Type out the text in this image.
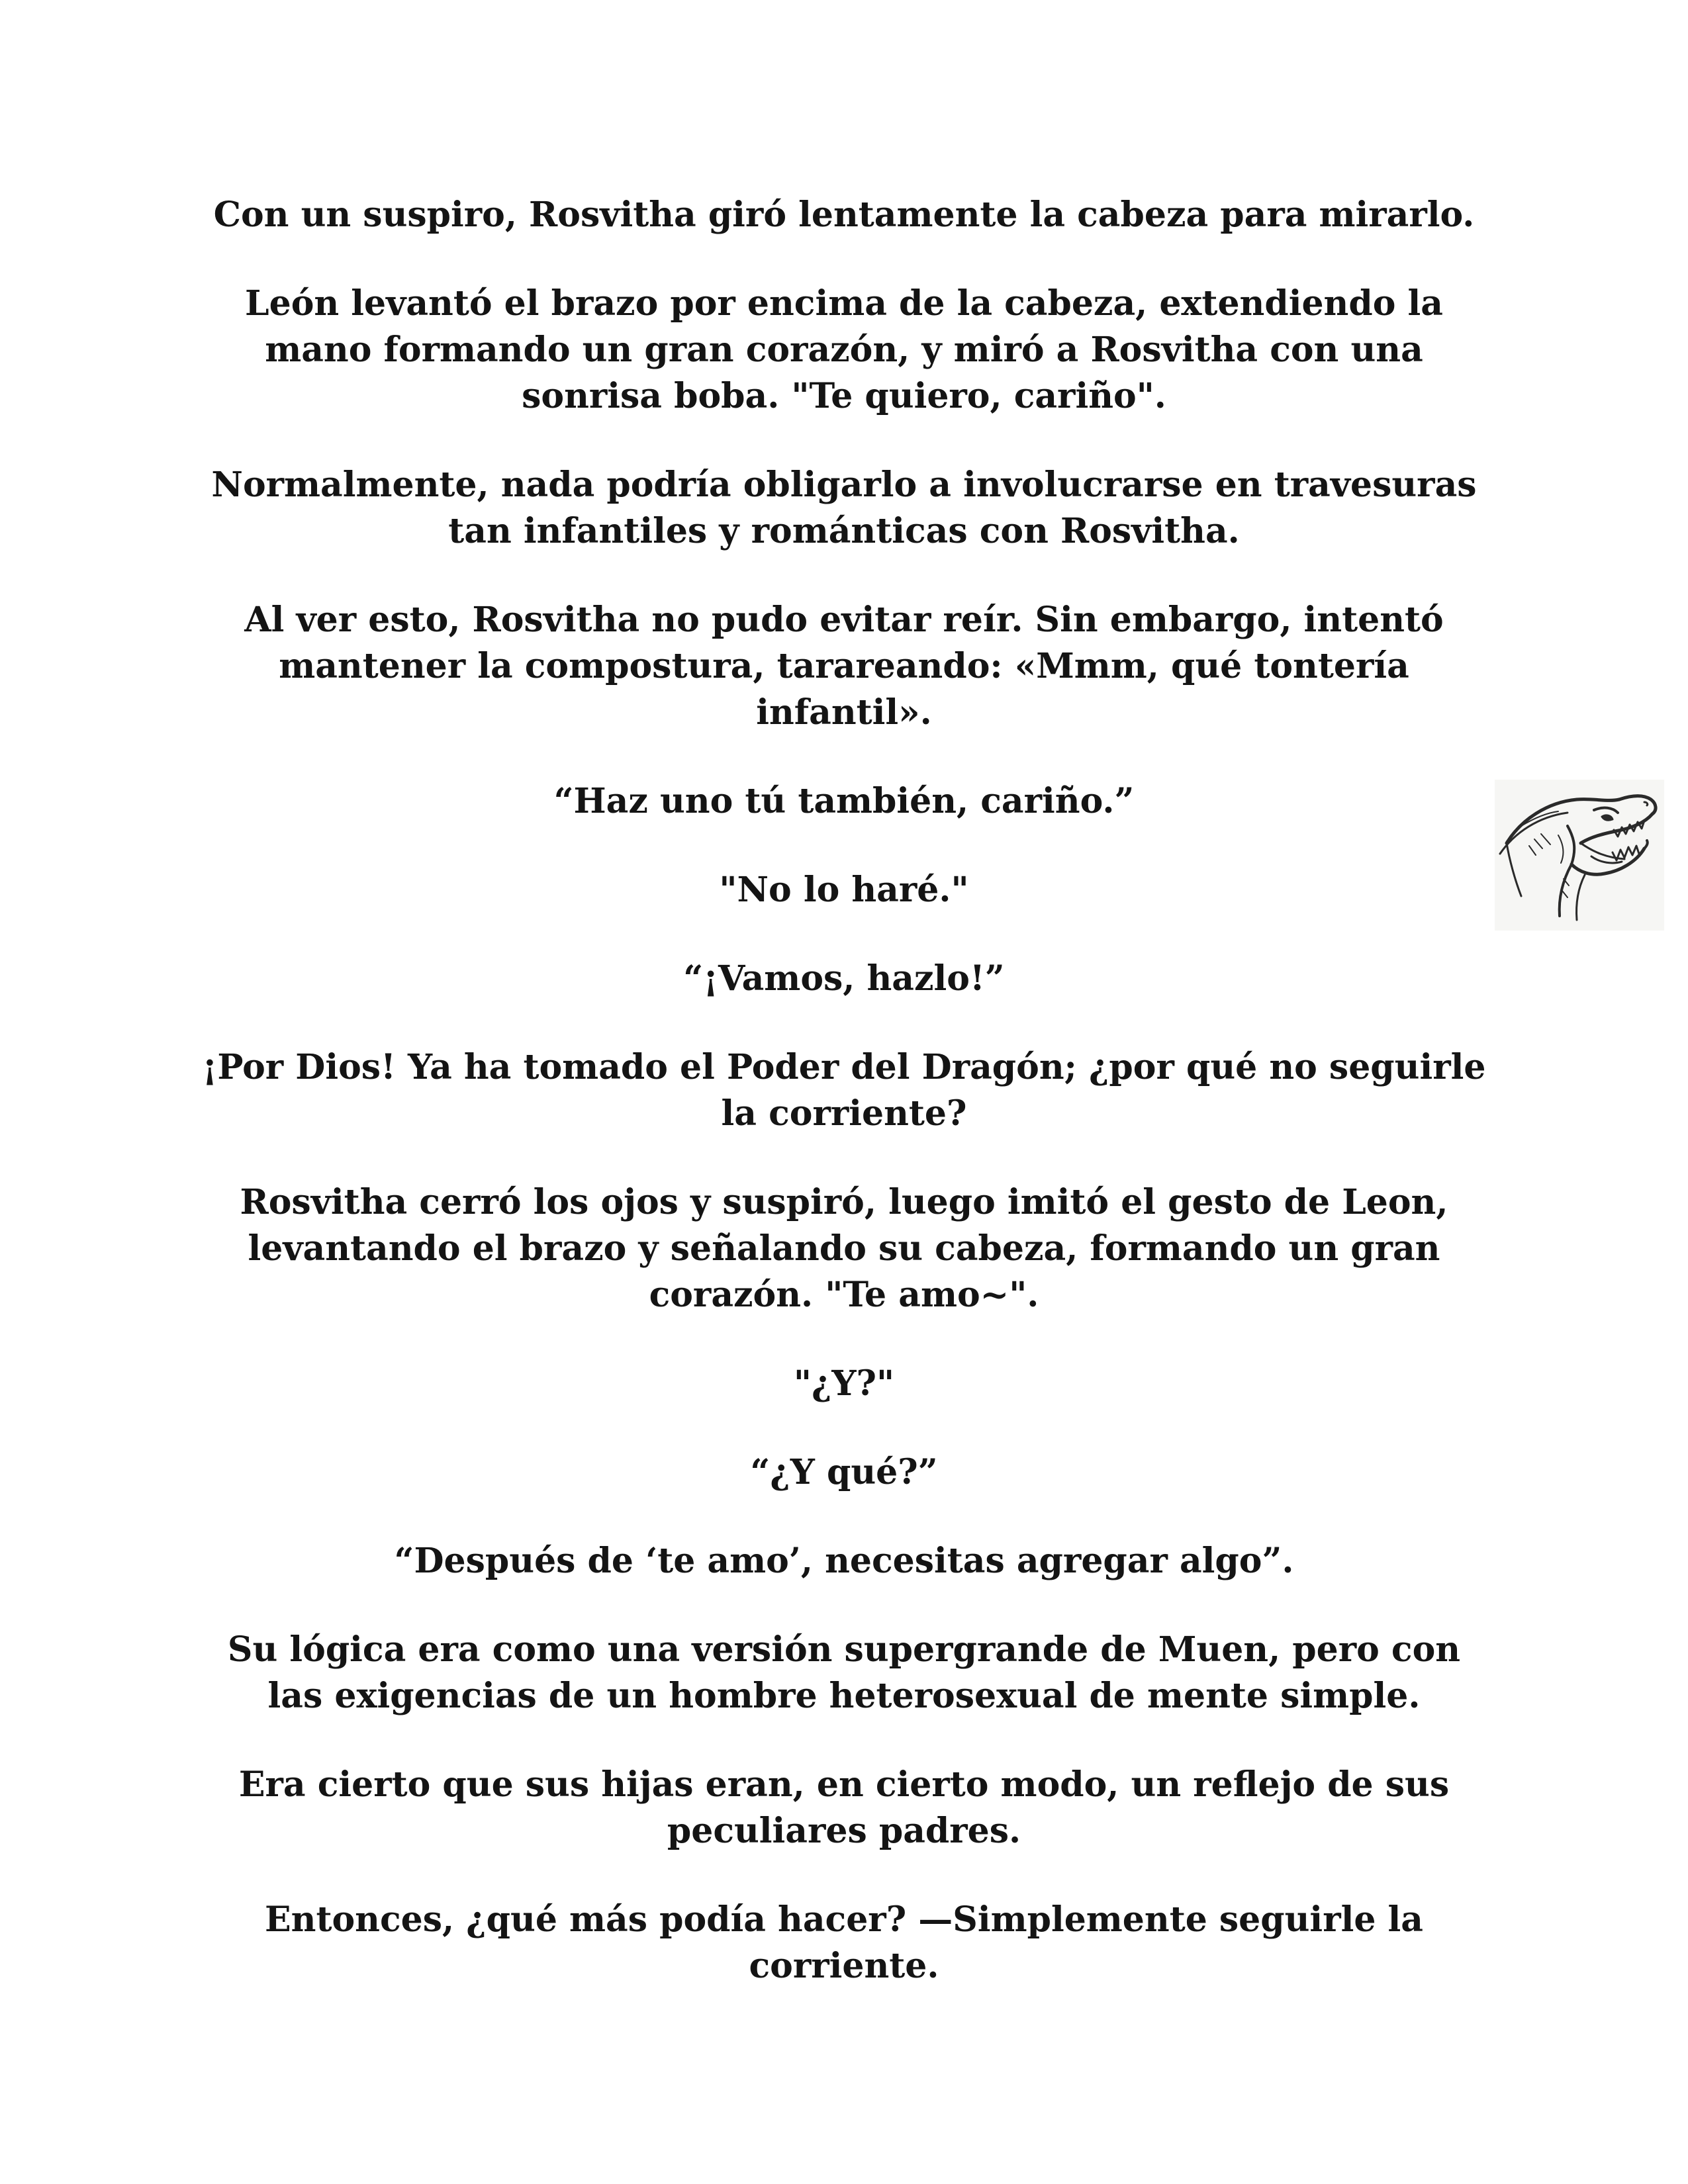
Con un suspiro, Rosvitha giró lentamente la cabeza para mirarlo.

León levantó el brazo por encima de la cabeza, extendiendo la mano formando un gran corazón, y miró a Rosvitha con una sonrisa boba. "Te quiero, cariño".

Normalmente, nada podría obligarlo a involucrarse en travesuras tan infantiles y románticas con Rosvitha.

Al ver esto, Rosvitha no pudo evitar reír. Sin embargo, intentó mantener la compostura, tarareando: «Mmm, qué tontería infantil».

“Haz uno tú también, cariño.”

"No lo haré."

“¡Vamos, hazlo!”

¡Por Dios! Ya ha tomado el Poder del Dragón; ¿por qué no seguirle la corriente?

Rosvitha cerró los ojos y suspiró, luego imitó el gesto de Leon, levantando el brazo y señalando su cabeza, formando un gran corazón. "Te amo~".

"¿Y?"

“¿Y qué?”

“Después de ‘te amo’, necesitas agregar algo”.

Su lógica era como una versión supergrande de Muen, pero con las exigencias de un hombre heterosexual de mente simple.

Era cierto que sus hijas eran, en cierto modo, un reflejo de sus peculiares padres.

Entonces, ¿qué más podía hacer? —Simplemente seguirle la corriente.
